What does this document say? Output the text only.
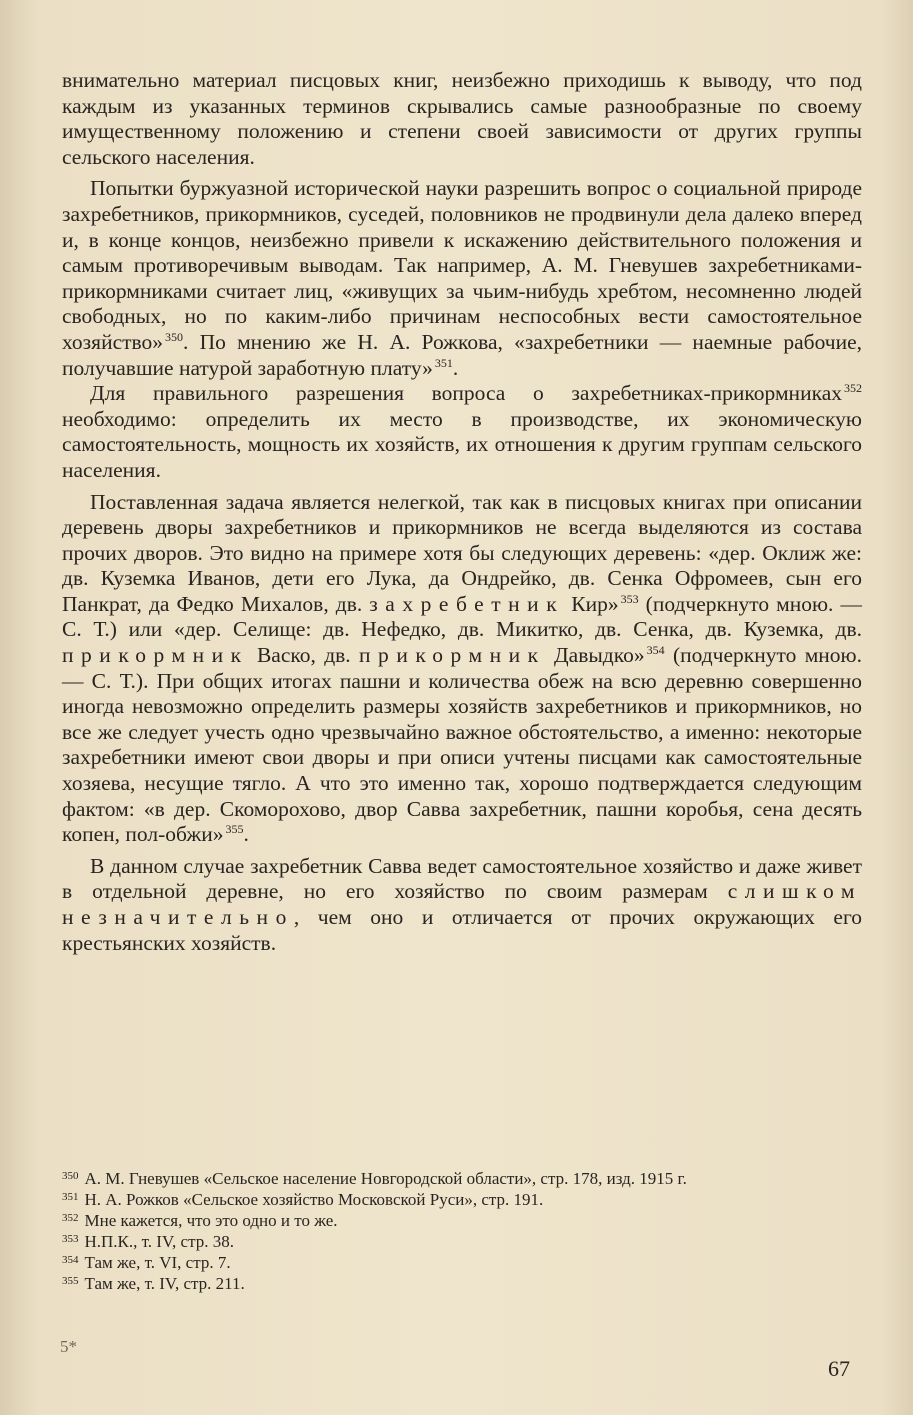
внимательно материал писцовых книг, неизбежно приходишь к выводу, что под каждым из указанных терминов скрывались самые разнообразные по своему имущественному положению и степени своей зависимости от других группы сельского населения.

Попытки буржуазной исторической науки разрешить вопрос о социальной природе захребетников, прикормников, суседей, половников не продвинули дела далеко вперед и, в конце концов, неизбежно привели к искажению действительного положения и самым противоречивым выводам. Так например, А. М. Гневушев захребетниками-прикормниками считает лиц, «живущих за чьим-нибудь хребтом, несомненно людей свободных, но по каким-либо причинам неспособных вести самостоятельное хозяйство» $^{350}$. По мнению же Н. А. Рожкова, «захребетники — наемные рабочие, получавшие натурой заработную плату» $^{351}$.

Для правильного разрешения вопроса о захребетниках-прикормниках $^{352}$ необходимо: определить их место в производстве, их экономическую самостоятельность, мощность их хозяйств, их отношения к другим группам сельского населения.

Поставленная задача является нелегкой, так как в писцовых книгах при описании деревень дворы захребетников и прикормников не всегда выделяются из состава прочих дворов. Это видно на примере хотя бы следующих деревень: «дер. Оклиж же: дв. Куземка Иванов, дети его Лука, да Ондрейко, дв. Сенка Офромеев, сын его Панкрат, да Федко Михалов, дв. захребетник Кир» $^{353}$ (подчеркнуто мною. — С. Т.) или «дер. Селище: дв. Нефедко, дв. Микитко, дв. Сенка, дв. Куземка, дв. прикормник Васко, дв. прикормник Давыдко» $^{354}$ (подчеркнуто мною. — С. Т.). При общих итогах пашни и количества обеж на всю деревню совершенно иногда невозможно определить размеры хозяйств захребетников и прикормников, но все же следует учесть одно чрезвычайно важное обстоятельство, а именно: некоторые захребетники имеют свои дворы и при описи учтены писцами как самостоятельные хозяева, несущие тягло. А что это именно так, хорошо подтверждается следующим фактом: «в дер. Скоморохово, двор Савва захребетник, пашни коробья, сена десять копен, пол-обжи» $^{355}$.

В данном случае захребетник Савва ведет самостоятельное хозяйство и даже живет в отдельной деревне, но его хозяйство по своим размерам слишком незначительно, чем оно и отличается от прочих окружающих его крестьянских хозяйств.

$^{350}$ А. М. Гневушев «Сельское население Новгородской области», стр. 178, изд. 1915 г.

$^{351}$ Н. А. Рожков «Сельское хозяйство Московской Руси», стр. 191.

$^{352}$ Мне кажется, что это одно и то же.

$^{353}$ Н.П.К., т. IV, стр. 38.

$^{354}$ Там же, т. VI, стр. 7.

$^{355}$ Там же, т. IV, стр. 211.

5*
67
